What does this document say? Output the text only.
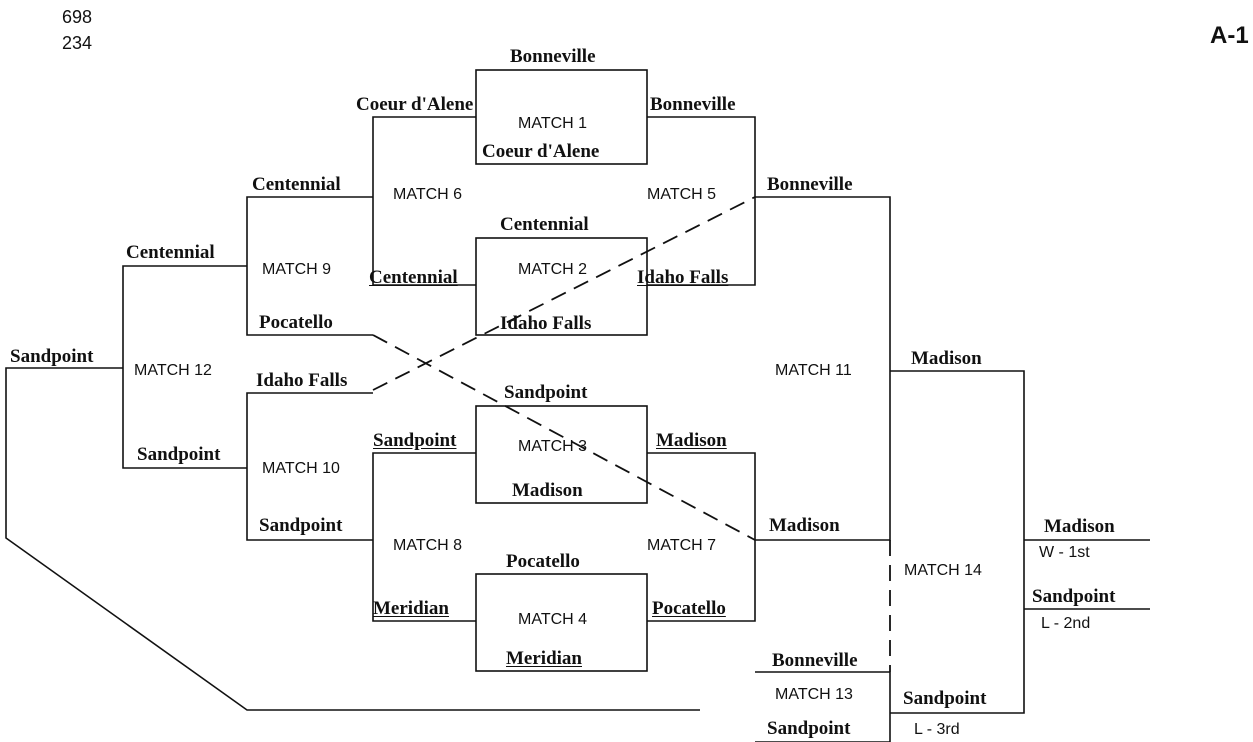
698
234	A-1
MATCH 1
MATCH 2
MATCH 3
MATCH 4
MATCH 5
MATCH 6
MATCH 7
MATCH 8
MATCH 9
MATCH 10
MATCH 11
MATCH 12
MATCH 13
MATCH 14
Bonneville
Coeur d'Alene
Bonneville
Coeur d'Alene
Centennial
Idaho Falls
Centennial	Idaho Falls
Sandpoint
Madison
Sandpoint	Madison
Pocatello
Meridian
Meridian	Pocatello
Bonneville
Centennial
Madison
Sandpoint
Pocatello
Centennial
Idaho Falls
Sandpoint
Madison
Sandpoint
Bonneville
Sandpoint
Sandpoint
Madison
W - 1st
Sandpoint
L - 2nd
L - 3rd
